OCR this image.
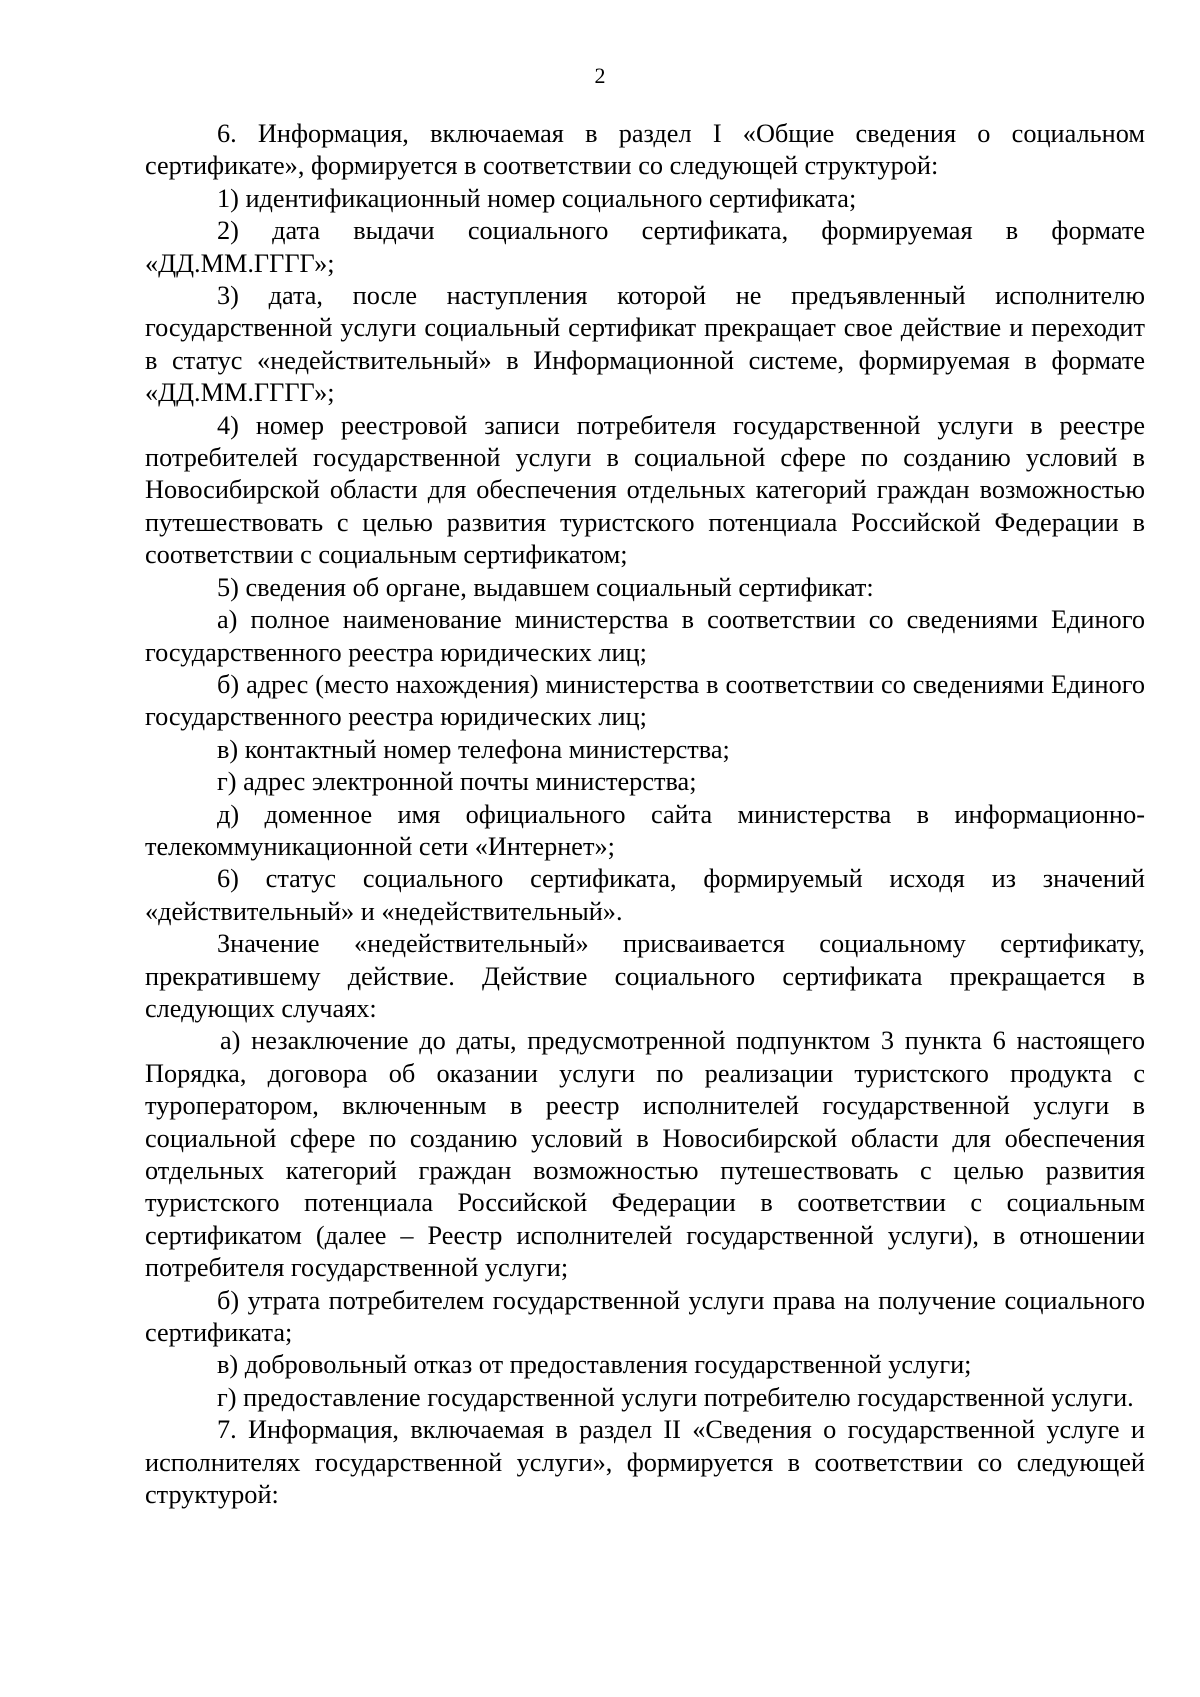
2

6. Информация, включаемая в раздел I «Общие сведения о социальном сертификате», формируется в соответствии со следующей структурой:

1) идентификационный номер социального сертификата;

2) дата выдачи социального сертификата, формируемая в формате «ДД.ММ.ГГГГ»;

3) дата, после наступления которой не предъявленный исполнителю государственной услуги социальный сертификат прекращает свое действие и переходит в статус «недействительный» в Информационной системе, формируемая в формате «ДД.ММ.ГГГГ»;

4) номер реестровой записи потребителя государственной услуги в реестре потребителей государственной услуги в социальной сфере по созданию условий в Новосибирской области для обеспечения отдельных категорий граждан возможностью путешествовать с целью развития туристского потенциала Российской Федерации в соответствии с социальным сертификатом;

5) сведения об органе, выдавшем социальный сертификат:

а) полное наименование министерства в соответствии со сведениями Единого государственного реестра юридических лиц;

б) адрес (место нахождения) министерства в соответствии со сведениями Единого государственного реестра юридических лиц;

в) контактный номер телефона министерства;

г) адрес электронной почты министерства;

д) доменное имя официального сайта министерства в информационно-телекоммуникационной сети «Интернет»;

6) статус социального сертификата, формируемый исходя из значений «действительный» и «недействительный».

Значение «недействительный» присваивается социальному сертификату, прекратившему действие. Действие социального сертификата прекращается в следующих случаях:

а) незаключение до даты, предусмотренной подпунктом 3 пункта 6 настоящего Порядка, договора об оказании услуги по реализации туристского продукта с туроператором, включенным в реестр исполнителей государственной услуги в социальной сфере по созданию условий в Новосибирской области для обеспечения отдельных категорий граждан возможностью путешествовать с целью развития туристского потенциала Российской Федерации в соответствии с социальным сертификатом (далее – Реестр исполнителей государственной услуги), в отношении потребителя государственной услуги;

б) утрата потребителем государственной услуги права на получение социального сертификата;

в) добровольный отказ от предоставления государственной услуги;

г) предоставление государственной услуги потребителю государственной услуги.

7. Информация, включаемая в раздел II «Сведения о государственной услуге и исполнителях государственной услуги», формируется в соответствии со следующей структурой:
